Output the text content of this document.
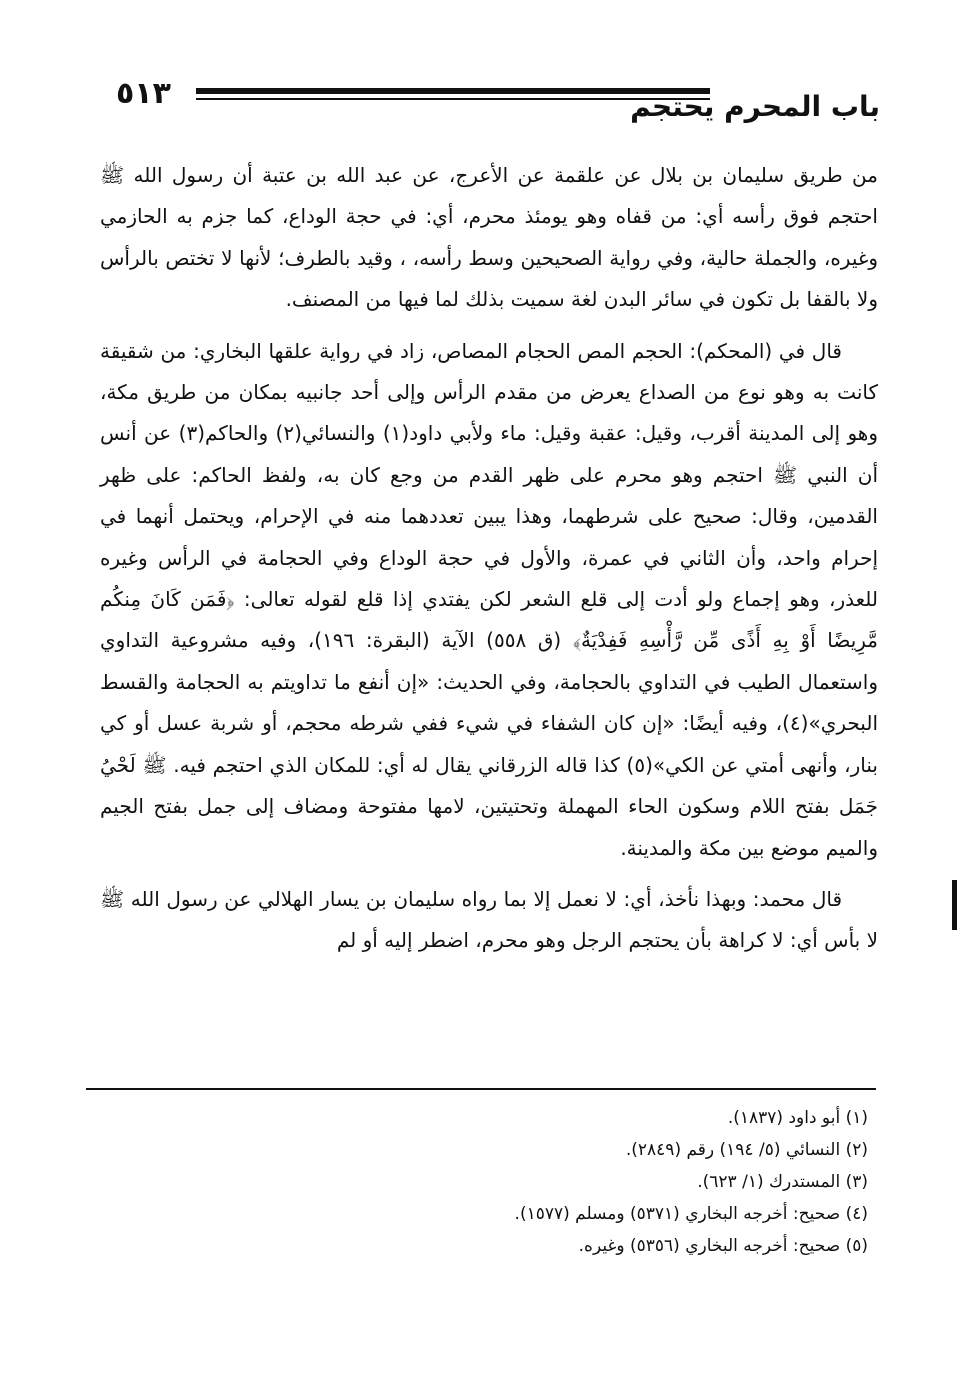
٥١٣	باب المحرم يحتجم

من طريق سليمان بن بلال عن علقمة عن الأعرج، عن عبد الله بن عتبة أن رسول الله ﷺ احتجم فوق رأسه أي: من قفاه وهو يومئذ محرم، أي: في حجة الوداع، كما جزم به الحازمي وغيره، والجملة حالية، وفي رواية الصحيحين وسط رأسه، ، وقيد بالطرف؛ لأنها لا تختص بالرأس ولا بالقفا بل تكون في سائر البدن لغة سميت بذلك لما فيها من المصنف.

قال في (المحكم): الحجم المص الحجام المصاص، زاد في رواية علقها البخاري: من شقيقة كانت به وهو نوع من الصداع يعرض من مقدم الرأس وإلى أحد جانبيه بمكان من طريق مكة، وهو إلى المدينة أقرب، وقيل: عقبة وقيل: ماء ولأبي داود(١) والنسائي(٢) والحاكم(٣) عن أنس أن النبي ﷺ احتجم وهو محرم على ظهر القدم من وجع كان به، ولفظ الحاكم: على ظهر القدمين، وقال: صحيح على شرطهما، وهذا يبين تعددهما منه في الإحرام، ويحتمل أنهما في إحرام واحد، وأن الثاني في عمرة، والأول في حجة الوداع وفي الحجامة في الرأس وغيره للعذر، وهو إجماع ولو أدت إلى قلع الشعر لكن يفتدي إذا قلع لقوله تعالى: ﴿فَمَن كَانَ مِنكُم مَّرِيضًا أَوْ بِهِ أَذًى مِّن رَّأْسِهِ فَفِدْيَةٌ﴾ (ق ٥٥٨) الآية (البقرة: ١٩٦)، وفيه مشروعية التداوي واستعمال الطيب في التداوي بالحجامة، وفي الحديث: «إن أنفع ما تداويتم به الحجامة والقسط البحري»(٤)، وفيه أيضًا: «إن كان الشفاء في شيء ففي شرطه محجم، أو شربة عسل أو كي بنار، وأنهى أمتي عن الكي»(٥) كذا قاله الزرقاني يقال له أي: للمكان الذي احتجم فيه. ﷺ لَحْيُ جَمَل بفتح اللام وسكون الحاء المهملة وتحتيتين، لامها مفتوحة ومضاف إلى جمل بفتح الجيم والميم موضع بين مكة والمدينة.

قال محمد: وبهذا نأخذ، أي: لا نعمل إلا بما رواه سليمان بن يسار الهلالي عن رسول الله ﷺ لا بأس أي: لا كراهة بأن يحتجم الرجل وهو محرم، اضطر إليه أو لم

(١) أبو داود (١٨٣٧).

(٢) النسائي (٥/ ١٩٤) رقم (٢٨٤٩).

(٣) المستدرك (١/ ٦٢٣).

(٤) صحيح: أخرجه البخاري (٥٣٧١) ومسلم (١٥٧٧).

(٥) صحيح: أخرجه البخاري (٥٣٥٦) وغيره.
